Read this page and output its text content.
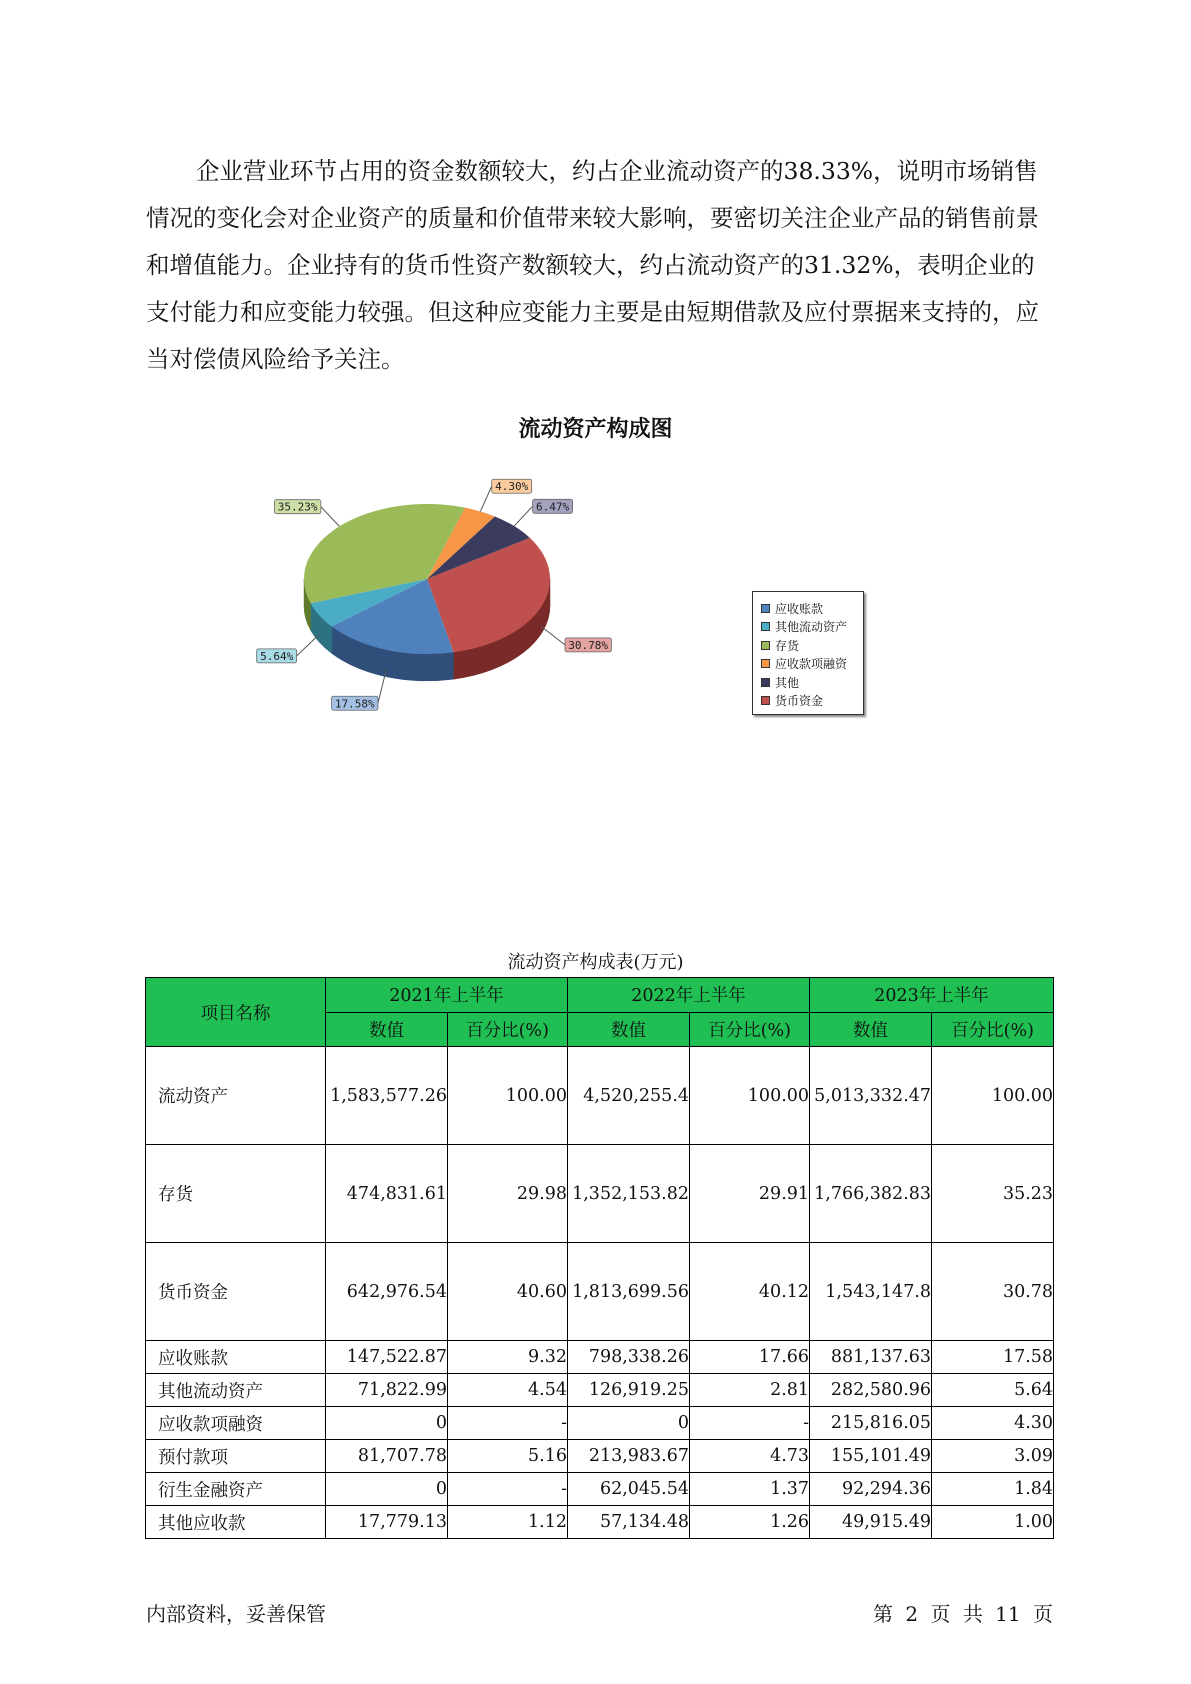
企业营业环节占用的资金数额较大，约占企业流动资产的38.33%，说明市场销售情况的变化会对企业资产的质量和价值带来较大影响，要密切关注企业产品的销售前景和增值能力。企业持有的货币性资产数额较大，约占流动资产的31.32%，表明企业的支付能力和应变能力较强。但这种应变能力主要是由短期借款及应付票据来支持的，应当对偿债风险给予关注。

流动资产构成图
4.30%
6.47%
30.78%
17.58%
5.64%
35.23%
应收账款
其他流动资产
存货
应收款项融资
其他
货币资金
流动资产构成表(万元)
项目名称	2021年上半年		2022年上半年		2023年上半年	
	数值	百分比(%)	数值	百分比(%)	数值	百分比(%)
流动资产	1,583,577.26	100.00	4,520,255.4	100.00	5,013,332.47	100.00
存货	474,831.61	29.98	1,352,153.82	29.91	1,766,382.83	35.23
货币资金	642,976.54	40.60	1,813,699.56	40.12	1,543,147.8	30.78
应收账款	147,522.87	9.32	798,338.26	17.66	881,137.63	17.58
其他流动资产	71,822.99	4.54	126,919.25	2.81	282,580.96	5.64
应收款项融资	0	-	0	-	215,816.05	4.30
预付款项	81,707.78	5.16	213,983.67	4.73	155,101.49	3.09
衍生金融资产	0	-	62,045.54	1.37	92,294.36	1.84
其他应收款	17,779.13	1.12	57,134.48	1.26	49,915.49	1.00
内部资料，妥善保管	第 2 页 共 11 页
